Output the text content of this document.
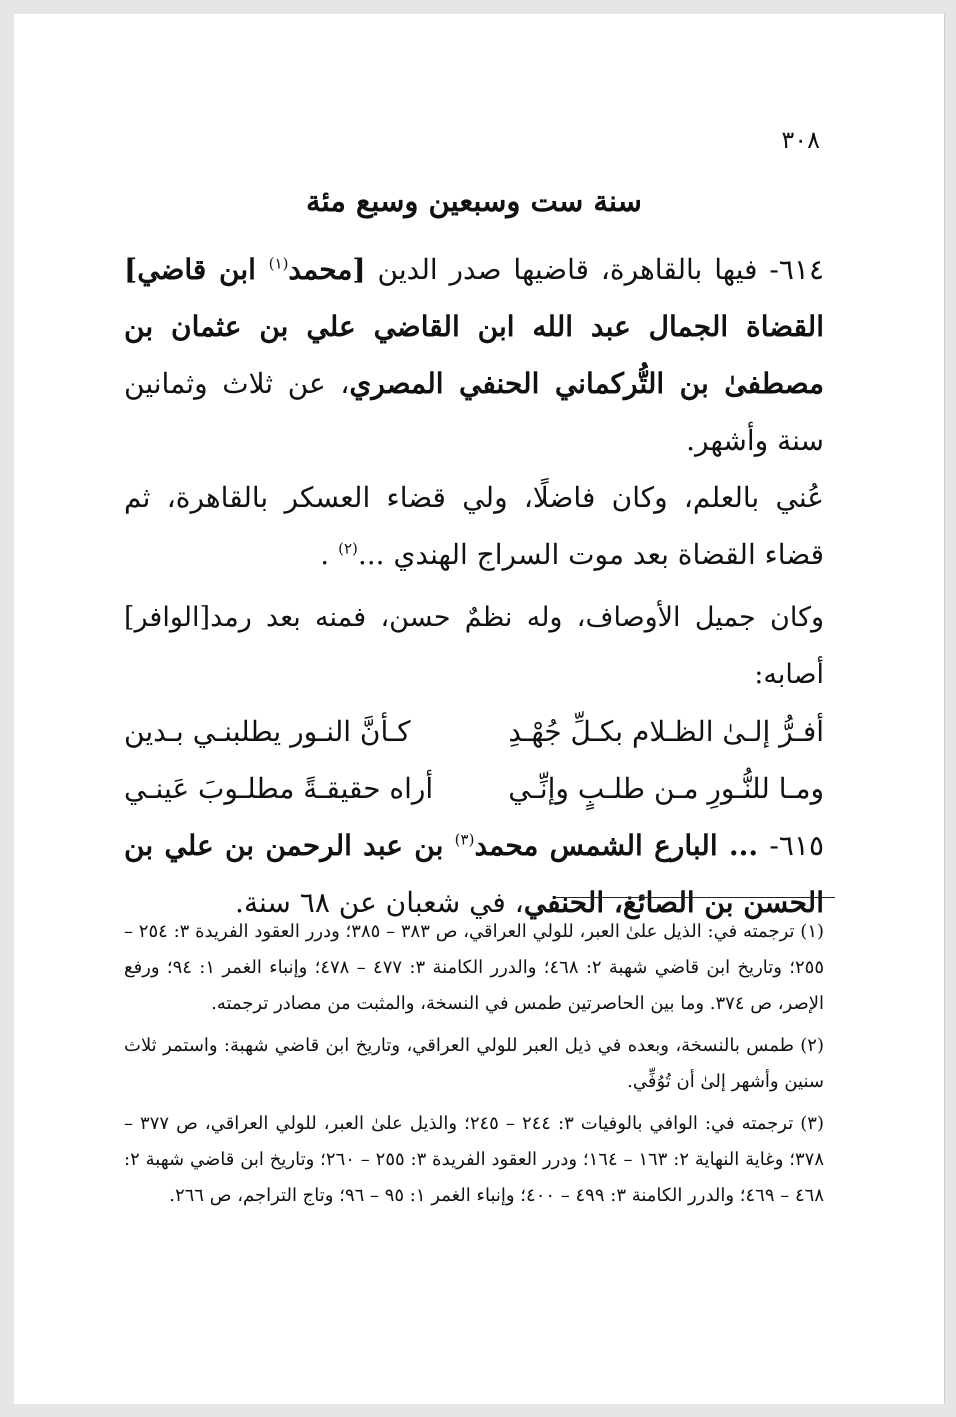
٣٠٨
سنة ست وسبعين وسبع مئة

٦١٤- فيها بالقاهرة، قاضيها صدر الدين [محمد$^{(١)}$ ابن قاضي] القضاة الجمال عبد الله ابن القاضي علي بن عثمان بن مصطفىٰ بن التُّركماني الحنفي المصري، عن ثلاث وثمانين سنة وأشهر.

عُني بالعلم، وكان فاضلًا، ولي قضاء العسكر بالقاهرة، ثم قضاء القضاة بعد موت السراج الهندي ...$^{(٢)}$ .

وكان جميل الأوصاف، وله نظمٌ حسن، فمنه بعد رمد أصابه:
[الوافر]
أفـرُّ إلـىٰ الظـلام بكـلِّ جُهْـدِ
كـأنَّ النـور يطلبنـي بـدين
ومـا للنُّـورِ مـن طلـبٍ وإنِّـي
أراه حقيقـةً مطلـوبَ عَينـي

٦١٥- ... البارع الشمس محمد$^{(٣)}$ بن عبد الرحمن بن علي بن الحسن بن الصائغ، الحنفي، في شعبان عن ٦٨ سنة.

(١) ترجمته في: الذيل علىٰ العبر، للولي العراقي، ص ٣٨٣ – ٣٨٥؛ ودرر العقود الفريدة ٣: ٢٥٤ – ٢٥٥؛ وتاريخ ابن قاضي شهبة ٢: ٤٦٨؛ والدرر الكامنة ٣: ٤٧٧ – ٤٧٨؛ وإنباء الغمر ١: ٩٤؛ ورفع الإصر، ص ٣٧٤. وما بين الحاصرتين طمس في النسخة، والمثبت من مصادر ترجمته.

(٢) طمس بالنسخة، وبعده في ذيل العبر للولي العراقي، وتاريخ ابن قاضي شهبة: واستمر ثلاث سنين وأشهر إلىٰ أن تُوُفِّي.

(٣) ترجمته في: الوافي بالوفيات ٣: ٢٤٤ – ٢٤٥؛ والذيل علىٰ العبر، للولي العراقي، ص ٣٧٧ – ٣٧٨؛ وغاية النهاية ٢: ١٦٣ – ١٦٤؛ ودرر العقود الفريدة ٣: ٢٥٥ – ٢٦٠؛ وتاريخ ابن قاضي شهبة ٢: ٤٦٨ – ٤٦٩؛ والدرر الكامنة ٣: ٤٩٩ – ٤٠٠؛ وإنباء الغمر ١: ٩٥ – ٩٦؛ وتاج التراجم، ص ٢٦٦.
